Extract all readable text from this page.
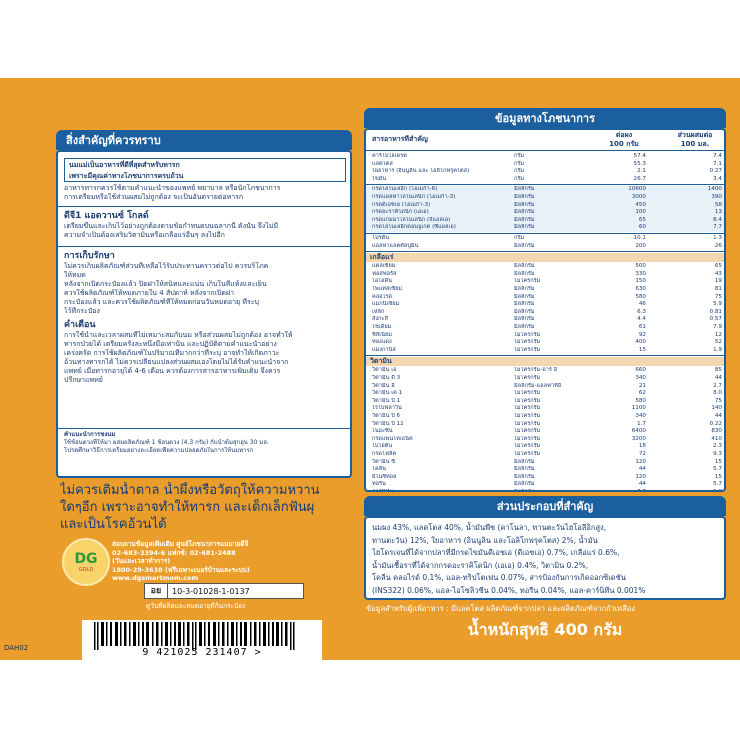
สิ่งสำคัญที่ควรทราบ
นมแม่เป็นอาหารที่ดีที่สุดสำหรับทารก
เพราะมีคุณค่าทางโภชนาการครบถ้วน
อาหารทารกควรใช้ตามคำแนะนำของแพทย์ พยาบาล หรือนักโภชนาการ
การเตรียมหรือใช้ส่วนผสมไม่ถูกต้อง จะเป็นอันตรายต่อทารก
ดีจี1 แอดวานซ์ โกลด์
เตรียมขึ้นและเก็บไว้อย่างถูกต้องตามข้อกำหนดบนฉลากนี้ ดังนั้น จึงไม่มี
ความจำเป็นต้องเสริมวิตามินหรือเกลือแร่อื่นๆ ลงไปอีก
การเก็บรักษา
ไม่ควรเก็บผลิตภัณฑ์ส่วนที่เหลือไว้รับประทานคราวต่อไป ควรบริโภค
ให้หมด
หลังจากเปิดกระป๋องแล้ว ปิดฝาให้สนิทและแน่น เก็บในที่แห้งและเย็น
ควรใช้ผลิตภัณฑ์ให้หมดภายใน 4 สัปดาห์ หลังจากเปิดฝา
กระป๋องแล้ว และควรใช้ผลิตภัณฑ์ที่ให้หมดก่อนวันหมดอายุ ที่ระบุ
ไว้ที่กระป๋อง
คำเตือน
การใช้น้ำและเวลาผสมที่ไม่เหมาะสมกับนม หรือส่วนผสมไม่ถูกต้อง อาจทำให้
ทารกป่วยได้ เตรียมครั้งละหนึ่งมื้อเท่านั้น และปฏิบัติตามคำแนะนำอย่าง
เคร่งครัด การใช้ผลิตภัณฑ์ในปริมาณที่มากกว่าที่ระบุ อาจทำให้เกิดภาวะ
อ้วนทางทารกได้ ไม่ควรเปลี่ยนแปลงส่วนผสมเองโดยไม่ได้รับคำแนะนำจาก
แพทย์ เมื่อทารกอายุได้ 4-6 เดือน ควรต้องการสารอาหารเพิ่มเติม จึงควร
ปรึกษาแพทย์
คำแนะนำการชงนม
ใช้ช้อนตวงที่ให้มา ผสมผลิตภัณฑ์ 1 ช้อนตวง (4.3 กรัม) กับน้ำต้มสุกอุ่น 30 มล.
โปรดศึกษาวิธีการเตรียมอย่างละเอียดเพื่อความปลอดภัยในการให้นมทารก
ไม่ควรเติมน้ำตาล น้ำผึ้งหรือวัตถุให้ความหวาน
ใดๆอีก เพราะอาจทำให้ทารก และเด็กเล็กฟันผุ
และเป็นโรคอ้วนได้
DG
GOLD
สอบถามข้อมูลเพิ่มเติม ศูนย์โภชนาการแมมายดีจี
02-683-3394-6 แฟกซ์: 02-681-2488
(วันและเวลาทำการ)
1800-29-3638 (ฟรีเฉพาะเบอร์บ้านและระบบ)
www.dgsmartmom.com
อย	10-3-01028-1-0137
ดูวันที่ผลิตและหมดอายุที่ก้นกระป๋อง
9 421025 231407 >
DAH02
ข้อมูลทางโภชนาการ
สารอาหารที่สำคัญ	ต่อผง
100 กรัม
ส่วนผสมต่อ
100 มล.
คาร์โบไฮเดรต	กรัม	57.4	7.4
แลคโตส	กรัม	55.3	7.1
ใยอาหาร (อินนูลิน และ โอลิโกฟรุคโตส)	กรัม	2.1	0.27
ไขมัน	กรัม	26.7	3.4
กรดไลโนเลอิก (โอเมก้า-6)	มิลลิกรัม	10600	1400
กรดแอลฟาไลโนเลนิก (โอเมก้า-3)	มิลลิกรัม	3000	390
กรดดีเอชเอ (โอเมก้า-3)	มิลลิกรัม	450	58
กรดอะราคิโดนิก (เอเอ)	มิลลิกรัม	100	13
กรดแกมมาไลโนเลนิก (จีแอลเอ)	มิลลิกรัม	65	8.4
กรดไลโนเลอิกคอนจูเกต (ซีแอลเอ)	มิลลิกรัม	60	7.7
โปรตีน	กรัม	10.1	1.3
แอลฟาแลคตัลบูมิน	มิลลิกรัม	200	26
เกลือแร่
แคลเซียม	มิลลิกรัม	500	65
ฟอสฟอรัส	มิลลิกรัม	330	43
ไอโอดีน	ไมโครกรัม	150	19
โพแทสเซียม	มิลลิกรัม	630	81
คลอไรด์	มิลลิกรัม	580	75
แมกนีเซียม	มิลลิกรัม	46	5.9
เหล็ก	มิลลิกรัม	6.3	0.81
สังกะสี	มิลลิกรัม	4.4	0.57
โซเดียม	มิลลิกรัม	61	7.9
ซีลีเนียม	ไมโครกรัม	92	12
ทองแดง	ไมโครกรัม	400	52
แมงกานีส	ไมโครกรัม	15	1.9
วิตามิน
วิตามิน เอ	ไมโครกรัม-อาร์ อี	660	85
วิตามิน ดี 3	ไมโครกรัม	340	44
วิตามิน อี	มิลลิกรัม-แอลฟาทีอี	21	2.7
วิตามิน เค 1	ไมโครกรัม	62	8.0
วิตามิน บี 1	ไมโครกรัม	580	75
ไรโบฟลาวิน	ไมโครกรัม	1100	140
วิตามิน บี 6	ไมโครกรัม	340	44
วิตามิน บี 12	ไมโครกรัม	1.7	0.22
ไนอะซิน	ไมโครกรัม	6400	830
กรดแพนโทเธนิค	ไมโครกรัม	3200	410
ไบโอติน	ไมโครกรัม	18	2.3
กรดโฟลิค	ไมโครกรัม	72	9.3
วิตามิน ซี	มิลลิกรัม	120	15
โคลีน	มิลลิกรัม	44	5.7
อิโนซิทอล	มิลลิกรัม	120	15
ทอรีน	มิลลิกรัม	44	5.7
คาร์นิทีน	มิลลิกรัม	7.7	1.0
ส่วนประกอบที่สำคัญ
นมผง 43%, แลคโตส 40%, น้ำมันพืช (คาโนลา, ทานตะวันไฮโอลีอิกสูง,
ทานตะวัน) 12%, ใยอาหาร (อินนูลิน และโอลิโกฟรุคโตส) 2%, น้ำมัน
ไฮโดรเจนที่ได้จากปลาที่มีกรดไขมันดีเอชเอ (ดีเอชเอ) 0.7%, เกลือแร่ 0.6%,
น้ำมันเชื้อราที่ได้จากกรดอะราคิโดนิก (เอเอ) 0.4%, วิตามิน 0.2%,
โคลีน คลอไรด์ 0.1%, แอล-ทริปโตเฟน 0.07%, สารป้องกันการเกิดออกซิเดชัน
(INS322) 0.06%, แอล-ไอโซลิวซีน 0.04%, ทอรีน 0.04%, แอล-คาร์นิทีน 0.001%
ข้อมูลสำหรับผู้แพ้อาหาร : มีแลคโตส ผลิตภัณฑ์จากปลา และผลิตภัณฑ์จากถั่วเหลือง
น้ำหนักสุทธิ 400 กรัม
